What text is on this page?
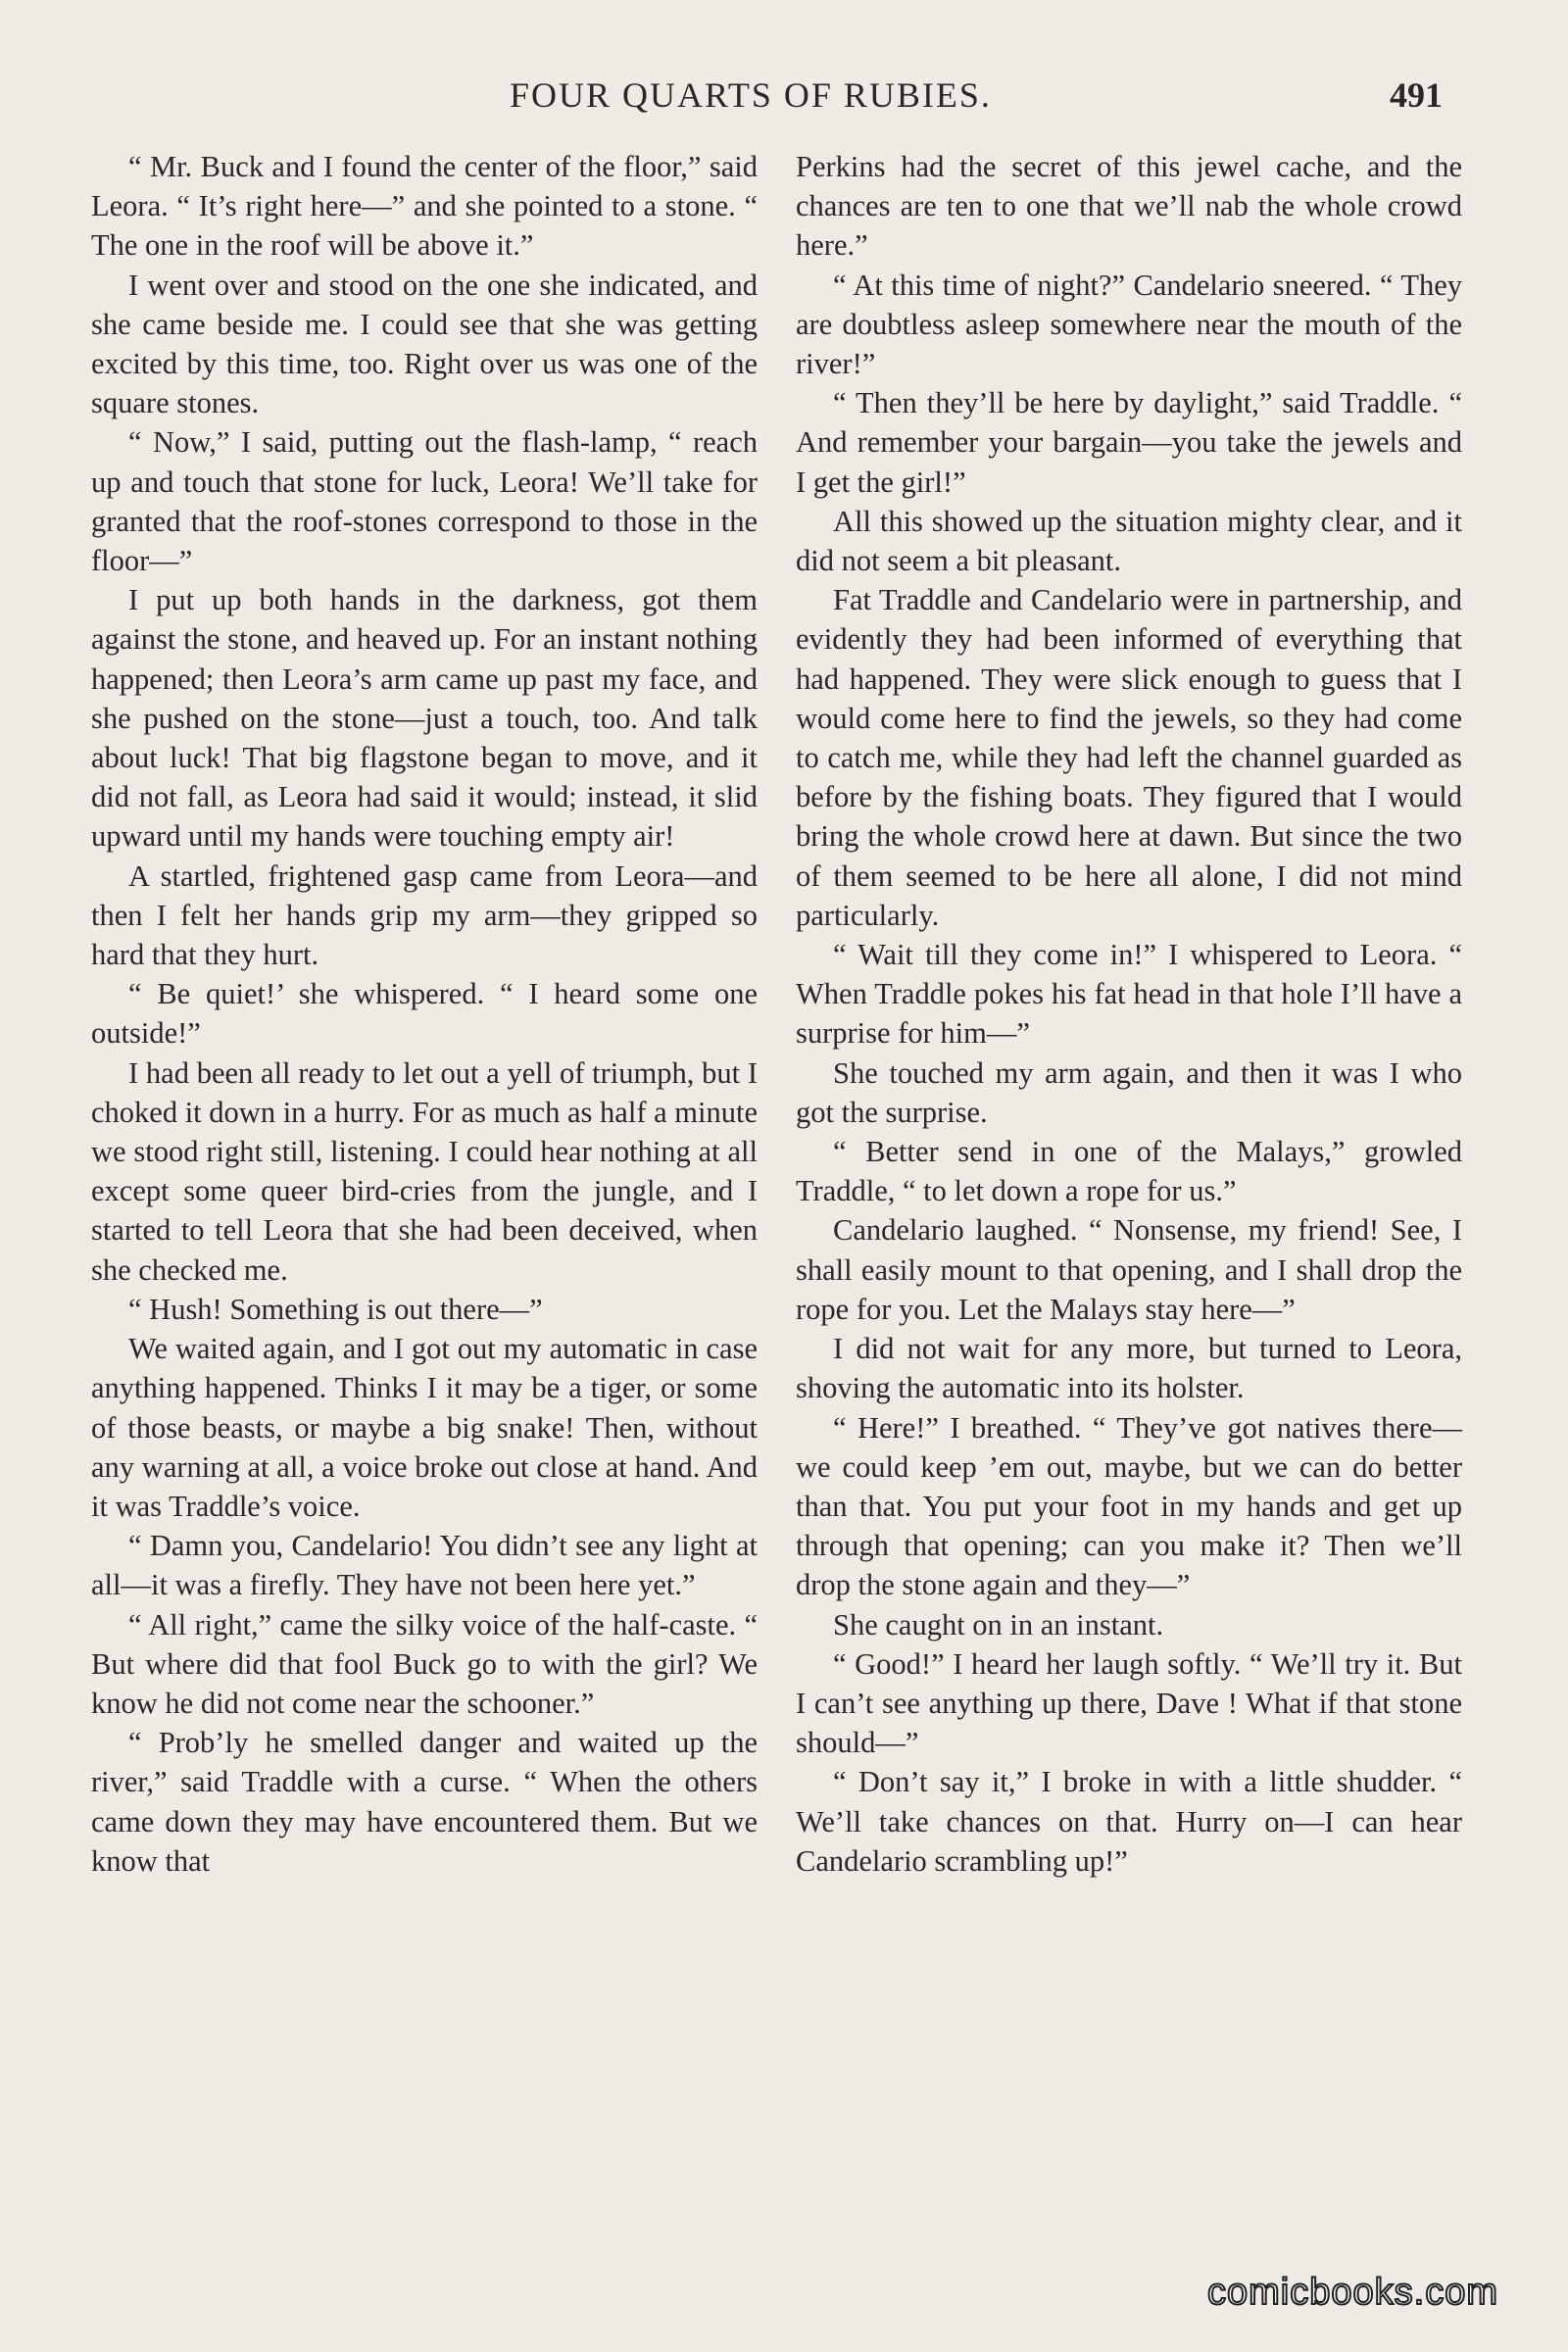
FOUR QUARTS OF RUBIES.	491

“ Mr. Buck and I found the center of the floor,” said Leora. “ It’s right here—” and she pointed to a stone. “ The one in the roof will be above it.”

I went over and stood on the one she indicated, and she came beside me. I could see that she was getting excited by this time, too. Right over us was one of the square stones.

“ Now,” I said, putting out the flash-lamp, “ reach up and touch that stone for luck, Leora! We’ll take for granted that the roof-stones correspond to those in the floor—”

I put up both hands in the darkness, got them against the stone, and heaved up. For an instant nothing happened; then Leora’s arm came up past my face, and she pushed on the stone—just a touch, too. And talk about luck! That big flagstone began to move, and it did not fall, as Leora had said it would; instead, it slid upward until my hands were touching empty air!

A startled, frightened gasp came from Leora—and then I felt her hands grip my arm—they gripped so hard that they hurt.

“ Be quiet!’ she whispered. “ I heard some one outside!”

I had been all ready to let out a yell of triumph, but I choked it down in a hurry. For as much as half a minute we stood right still, listening. I could hear nothing at all except some queer bird-cries from the jungle, and I started to tell Leora that she had been deceived, when she checked me.

“ Hush! Something is out there—”

We waited again, and I got out my automatic in case anything happened. Thinks I it may be a tiger, or some of those beasts, or maybe a big snake! Then, without any warning at all, a voice broke out close at hand. And it was Traddle’s voice.

“ Damn you, Candelario! You didn’t see any light at all—it was a firefly. They have not been here yet.”

“ All right,” came the silky voice of the half-caste. “ But where did that fool Buck go to with the girl? We know he did not come near the schooner.”

“ Prob’ly he smelled danger and waited up the river,” said Traddle with a curse. “ When the others came down they may have encountered them. But we know that

Perkins had the secret of this jewel cache, and the chances are ten to one that we’ll nab the whole crowd here.”

“ At this time of night?” Candelario sneered. “ They are doubtless asleep somewhere near the mouth of the river!”

“ Then they’ll be here by daylight,” said Traddle. “ And remember your bargain—you take the jewels and I get the girl!”

All this showed up the situation mighty clear, and it did not seem a bit pleasant.

Fat Traddle and Candelario were in partnership, and evidently they had been informed of everything that had happened. They were slick enough to guess that I would come here to find the jewels, so they had come to catch me, while they had left the channel guarded as before by the fishing boats. They figured that I would bring the whole crowd here at dawn. But since the two of them seemed to be here all alone, I did not mind particularly.

“ Wait till they come in!” I whispered to Leora. “ When Traddle pokes his fat head in that hole I’ll have a surprise for him—”

She touched my arm again, and then it was I who got the surprise.

“ Better send in one of the Malays,” growled Traddle, “ to let down a rope for us.”

Candelario laughed. “ Nonsense, my friend! See, I shall easily mount to that opening, and I shall drop the rope for you. Let the Malays stay here—”

I did not wait for any more, but turned to Leora, shoving the automatic into its holster.

“ Here!” I breathed. “ They’ve got natives there—we could keep ’em out, maybe, but we can do better than that. You put your foot in my hands and get up through that opening; can you make it? Then we’ll drop the stone again and they—”

She caught on in an instant.

“ Good!” I heard her laugh softly. “ We’ll try it. But I can’t see anything up there, Dave ! What if that stone should—”

“ Don’t say it,” I broke in with a little shudder. “ We’ll take chances on that. Hurry on—I can hear Candelario scrambling up!”

comicbooks.com
